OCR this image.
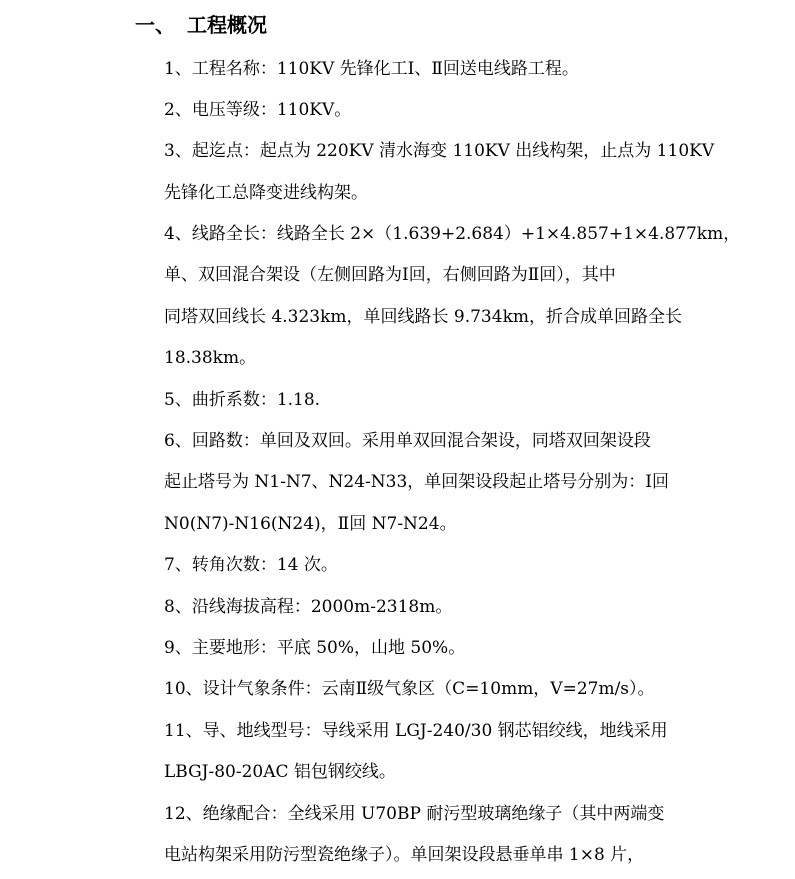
一、 工程概况
1、工程名称：110KV 先锋化工Ⅰ、Ⅱ回送电线路工程。
2、电压等级：110KV。
3、起迄点：起点为 220KV 清水海变 110KV 出线构架，止点为 110KV
先锋化工总降变进线构架。
4、线路全长：线路全长 2×（1.639+2.684）+1×4.857+1×4.877km，
单、双回混合架设（左侧回路为Ⅰ回，右侧回路为Ⅱ回），其中
同塔双回线长 4.323km，单回线路长 9.734km，折合成单回路全长
18.38km。
5、曲折系数：1.18.
6、回路数：单回及双回。采用单双回混合架设，同塔双回架设段
起止塔号为 N1-N7、N24-N33，单回架设段起止塔号分别为：Ⅰ回
N0(N7)-N16(N24)，Ⅱ回 N7-N24。
7、转角次数：14 次。
8、沿线海拔高程：2000m-2318m。
9、主要地形：平底 50%，山地 50%。
10、设计气象条件：云南Ⅱ级气象区（C=10mm，V=27m/s）。
11、导、地线型号：导线采用 LGJ-240/30 钢芯铝绞线，地线采用
LBGJ-80-20AC 铝包钢绞线。
12、绝缘配合：全线采用 U70BP 耐污型玻璃绝缘子（其中两端变
电站构架采用防污型瓷绝缘子）。单回架设段悬垂单串 1×8 片，
